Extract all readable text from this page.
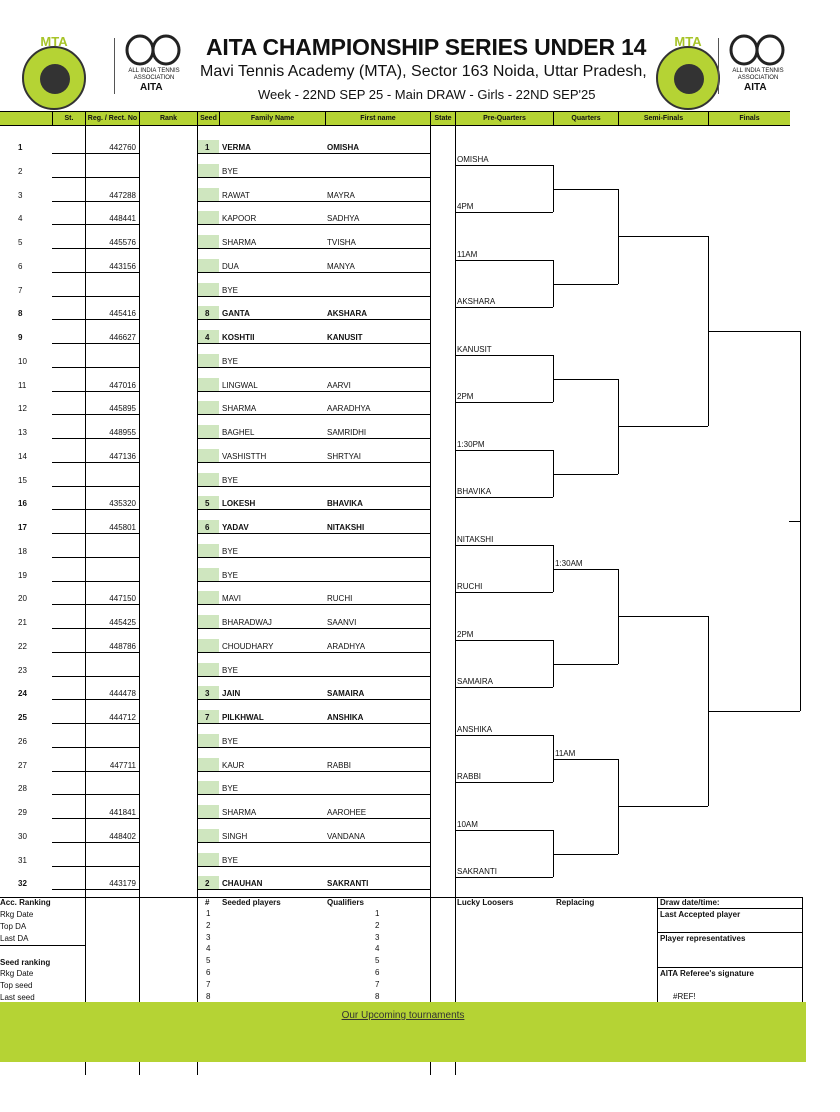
MTA
ALL INDIA TENNIS ASSOCIATION
AITA
AITA CHAMPIONSHIP SERIES UNDER 14
Mavi Tennis Academy (MTA), Sector 163 Noida, Uttar Pradesh,
Week - 22ND SEP 25 - Main DRAW - Girls - 22ND SEP'25
MTA
ALL INDIA TENNIS ASSOCIATION
AITA
St.	Reg. / Rect. No	Rank	Seed	Family Name	First name	State	Pre-Quarters	Quarters	Semi-Finals	Finals
1	442760	1 VERMA	OMISHA
2	BYE
3	447288	RAWAT	MAYRA
4	448441	KAPOOR	SADHYA
5	445576	SHARMA	TVISHA
6	443156	DUA	MANYA
7	BYE
8	445416	8 GANTA	AKSHARA
9	446627	4 KOSHTII	KANUSIT
10	BYE
11	447016	LINGWAL	AARVI
12	445895	SHARMA	AARADHYA
13	448955	BAGHEL	SAMRIDHI
14	447136	VASHISTTH	SHRTYAI
15	BYE
16	435320	5 LOKESH	BHAVIKA
17	445801	6 YADAV	NITAKSHI
18	BYE
19	BYE
20	447150	MAVI	RUCHI
21	445425	BHARADWAJ	SAANVI
22	448786	CHOUDHARY	ARADHYA
23	BYE
24	444478	3 JAIN	SAMAIRA
25	444712	7 PILKHWAL	ANSHIKA
26	BYE
27	447711	KAUR	RABBI
28	BYE
29	441841	SHARMA	AAROHEE
30	448402	SINGH	VANDANA
31	BYE
32	443179	2 CHAUHAN	SAKRANTI
OMISHA
4PM
11AM
AKSHARA
KANUSIT
2PM
1:30PM
BHAVIKA
NITAKSHI
RUCHI
2PM
SAMAIRA
ANSHIKA
RABBI
10AM
SAKRANTI
1:30AM
11AM
Acc. Ranking
Rkg Date
Top DA
Last DA
Seed ranking
Rkg Date
Top seed
Last seed
# Seeded players	Qualifiers
1	1
2	2
3	3
4	4
5	5
6	6
7	7
8	8
Lucky Loosers	Replacing	Draw date/time:
Last Accepted player
Player representatives
AITA Referee's signature
#REF!
Our Upcoming tournaments
